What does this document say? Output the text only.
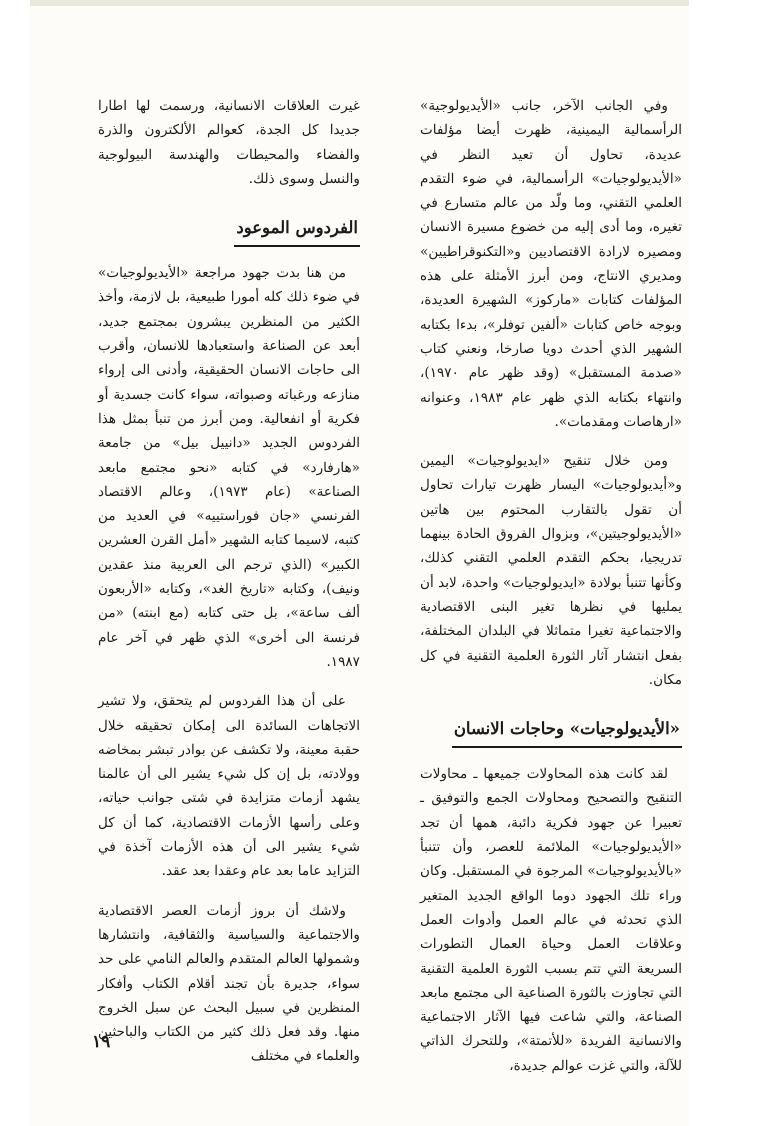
وفي الجانب الآخر، جانب «الأيديولوجية» الرأسمالية اليمينية، ظهرت أيضا مؤلفات عديدة، تحاول أن تعيد النظر في «الأيديولوجيات» الرأسمالية، في ضوء التقدم العلمي التقني، وما ولّد من عالم متسارع في تغيره، وما أدى إليه من خضوع مسيرة الانسان ومصيره لارادة الاقتصاديين و«التكنوقراطيين» ومديري الانتاج، ومن أبرز الأمثلة على هذه المؤلفات كتابات «ماركوز» الشهيرة العديدة، وبوجه خاص كتابات «ألفين توفلر»، بدءا بكتابه الشهير الذي أحدث دويا صارخا، ونعني كتاب «صدمة المستقبل» (وقد ظهر عام ١٩٧٠)، وانتهاء بكتابه الذي ظهر عام ١٩٨٣، وعنوانه «ارهاصات ومقدمات».

ومن خلال تنقيح «ايديولوجيات» اليمين و«أيديولوجيات» اليسار ظهرت تيارات تحاول أن تقول بالتقارب المحتوم بين هاتين «الأيديولوجيتين»، وبزوال الفروق الحادة بينهما تدريجيا، بحكم التقدم العلمي التقني كذلك، وكأنها تتنبأ بولادة «ايديولوجيات» واحدة، لابد أن يمليها في نظرها تغير البنى الاقتصادية والاجتماعية تغيرا متماثلا في البلدان المختلفة، بفعل انتشار آثار الثورة العلمية التقنية في كل مكان.

«الأيديولوجيات» وحاجات الانسان

لقد كانت هذه المحاولات جميعها ـ محاولات التنقيح والتصحيح ومحاولات الجمع والتوفيق ـ تعبيرا عن جهود فكرية دائبة، همها أن تجد «الأيديولوجيات» الملائمة للعصر، وأن تتنبأ «بالأيديولوجيات» المرجوة في المستقبل. وكان وراء تلك الجهود دوما الواقع الجديد المتغير الذي تحدثه في عالم العمل وأدوات العمل وعلاقات العمل وحياة العمال التطورات السريعة التي تتم بسبب الثورة العلمية التقنية التي تجاوزت بالثورة الصناعية الى مجتمع مابعد الصناعة، والتي شاعت فيها الآثار الاجتماعية والانسانية الفريدة «للأتمتة»، وللتحرك الذاتي للآلة، والتي غزت عوالم جديدة،

غيرت العلاقات الانسانية، ورسمت لها اطارا جديدا كل الجدة، كعوالم الألكترون والذرة والفضاء والمحيطات والهندسة البيولوجية والنسل وسوى ذلك.

الفردوس الموعود

من هنا بدت جهود مراجعة «الأيديولوجيات» في ضوء ذلك كله أمورا طبيعية، بل لازمة، وأخذ الكثير من المنظرين يبشرون بمجتمع جديد، أبعد عن الصناعة واستعبادها للانسان، وأقرب الى حاجات الانسان الحقيقية، وأدنى الى إرواء منازعه ورغباته وصبواته، سواء كانت جسدية أو فكرية أو انفعالية. ومن أبرز من تنبأ بمثل هذا الفردوس الجديد «دانييل بيل» من جامعة «هارفارد» في كتابه «نحو مجتمع مابعد الصناعة» (عام ١٩٧٣)، وعالم الاقتصاد الفرنسي «جان فوراستييه» في العديد من كتبه، لاسيما كتابه الشهير «أمل القرن العشرين الكبير» (الذي ترجم الى العربية منذ عقدين ونيف)، وكتابه «تاريخ الغد»، وكتابه «الأربعون ألف ساعة»، بل حتى كتابه (مع ابنته) «من فرنسة الى أخرى» الذي ظهر في آخر عام ١٩٨٧.

على أن هذا الفردوس لم يتحقق، ولا تشير الاتجاهات السائدة الى إمكان تحقيقه خلال حقبة معينة، ولا تكشف عن بوادر تبشر بمخاضه وولادته، بل إن كل شيء يشير الى أن عالمنا يشهد أزمات متزايدة في شتى جوانب حياته، وعلى رأسها الأزمات الاقتصادية، كما أن كل شيء يشير الى أن هذه الأزمات آخذة في التزايد عاما بعد عام وعقدا بعد عقد.

ولاشك أن بروز أزمات العصر الاقتصادية والاجتماعية والسياسية والثقافية، وانتشارها وشمولها العالم المتقدم والعالم النامي على حد سواء، جديرة بأن تجند أقلام الكتاب وأفكار المنظرين في سبيل البحث عن سبل الخروج منها. وقد فعل ذلك كثير من الكتاب والباحثين والعلماء في مختلف

١٩
